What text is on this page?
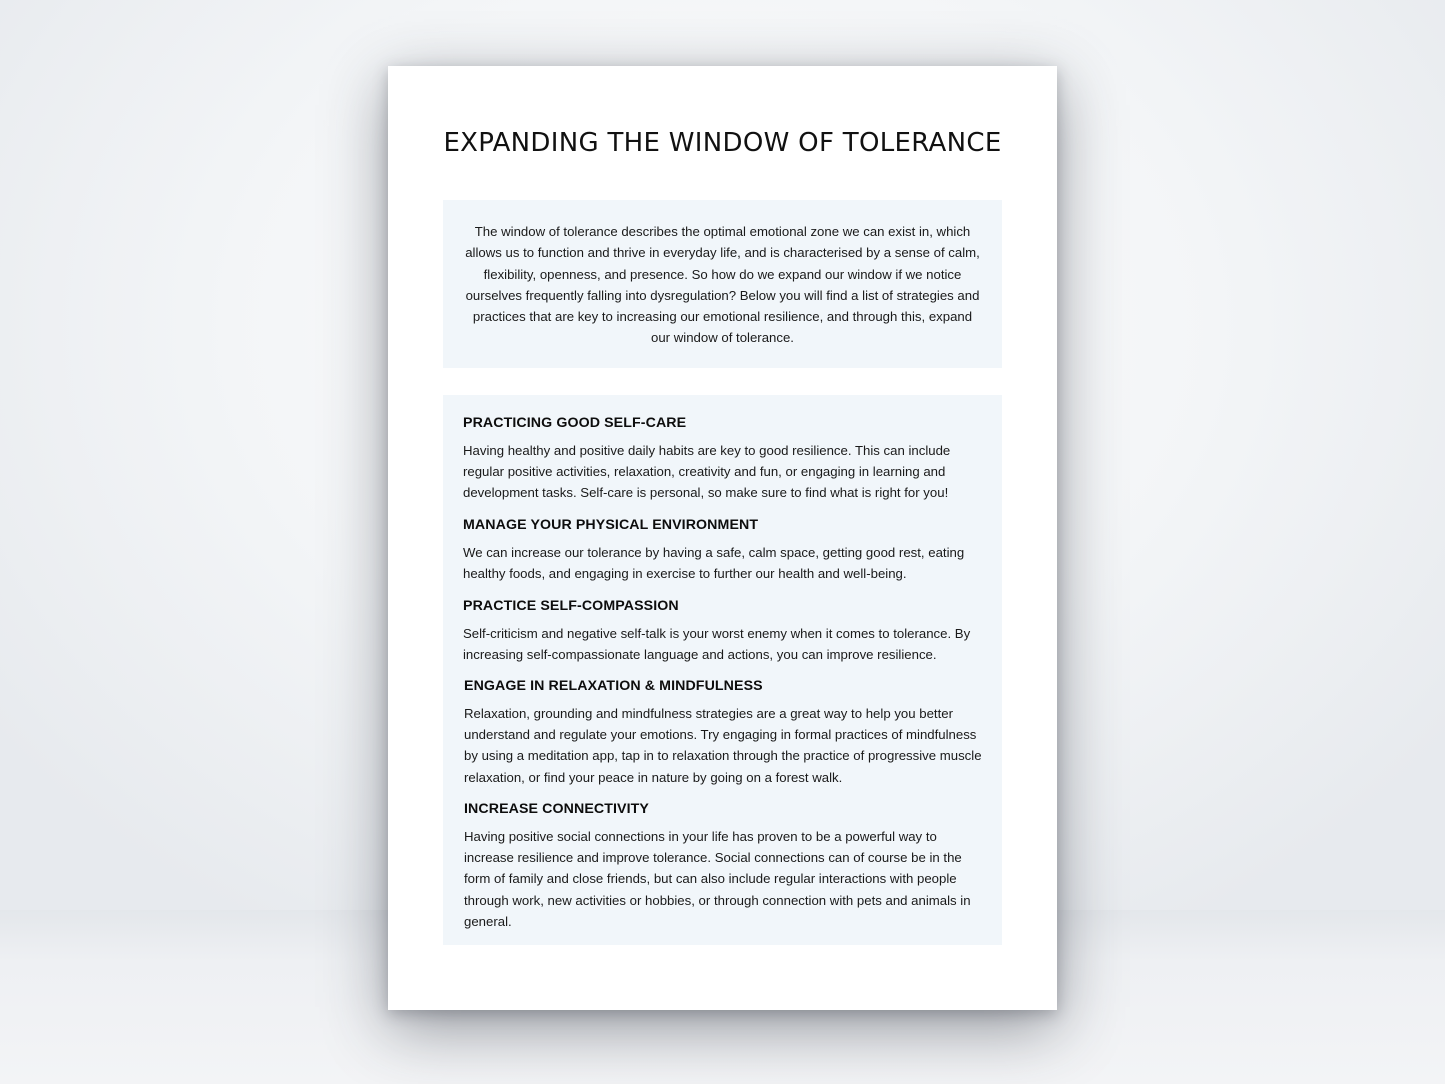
EXPANDING THE WINDOW OF TOLERANCE

The window of tolerance describes the optimal emotional zone we can exist in, which allows us to function and thrive in everyday life, and is characterised by a sense of calm, flexibility, openness, and presence. So how do we expand our window if we notice ourselves frequently falling into dysregulation? Below you will find a list of strategies and practices that are key to increasing our emotional resilience, and through this, expand our window of tolerance.

PRACTICING GOOD SELF-CARE

Having healthy and positive daily habits are key to good resilience. This can include regular positive activities, relaxation, creativity and fun, or engaging in learning and development tasks. Self-care is personal, so make sure to find what is right for you!

MANAGE YOUR PHYSICAL ENVIRONMENT

We can increase our tolerance by having a safe, calm space, getting good rest, eating healthy foods, and engaging in exercise to further our health and well-being.

PRACTICE SELF-COMPASSION

Self-criticism and negative self-talk is your worst enemy when it comes to tolerance. By increasing self-compassionate language and actions, you can improve resilience.

ENGAGE IN RELAXATION & MINDFULNESS

Relaxation, grounding and mindfulness strategies are a great way to help you better understand and regulate your emotions. Try engaging in formal practices of mindfulness by using a meditation app, tap in to relaxation through the practice of progressive muscle relaxation, or find your peace in nature by going on a forest walk.

INCREASE CONNECTIVITY

Having positive social connections in your life has proven to be a powerful way to increase resilience and improve tolerance. Social connections can of course be in the form of family and close friends, but can also include regular interactions with people through work, new activities or hobbies, or through connection with pets and animals in general.
